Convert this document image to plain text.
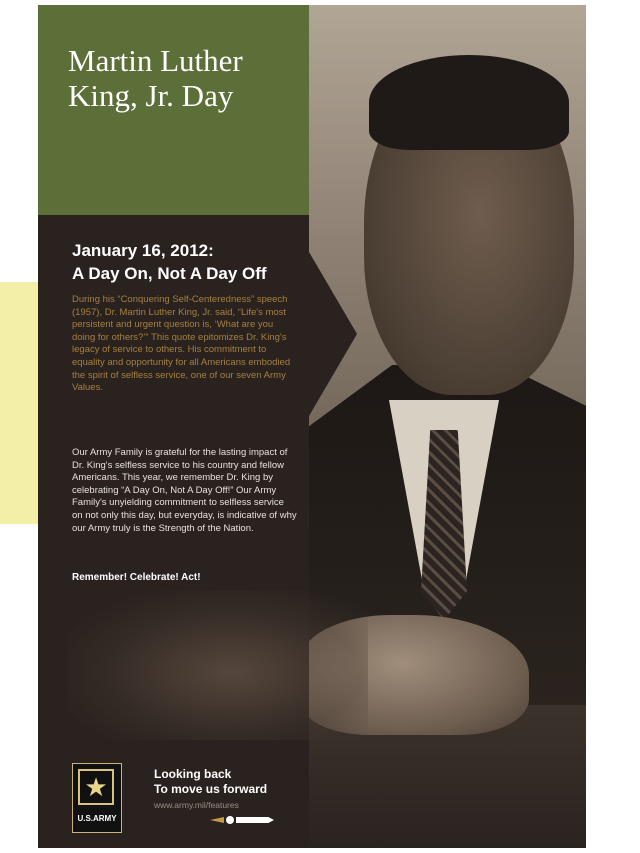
Martin Luther King, Jr. Day
January 16, 2012:
A Day On, Not A Day Off

During his “Conquering Self-Centeredness” speech (1957), Dr. Martin Luther King, Jr. said, “Life's most persistent and urgent question is, ‘What are you doing for others?’” This quote epitomizes Dr. King's legacy of service to others. His commitment to equality and opportunity for all Americans embodied the spirit of selfless service, one of our seven Army Values.

Our Army Family is grateful for the lasting impact of Dr. King's selfless service to his country and fellow Americans. This year, we remember Dr. King by celebrating “A Day On, Not A Day Off!” Our Army Family's unyielding commitment to selfless service on not only this day, but everyday, is indicative of why our Army truly is the Strength of the Nation.

Remember! Celebrate! Act!

★
U.S.ARMY

Looking back
To move us forward

www.army.mil/features
